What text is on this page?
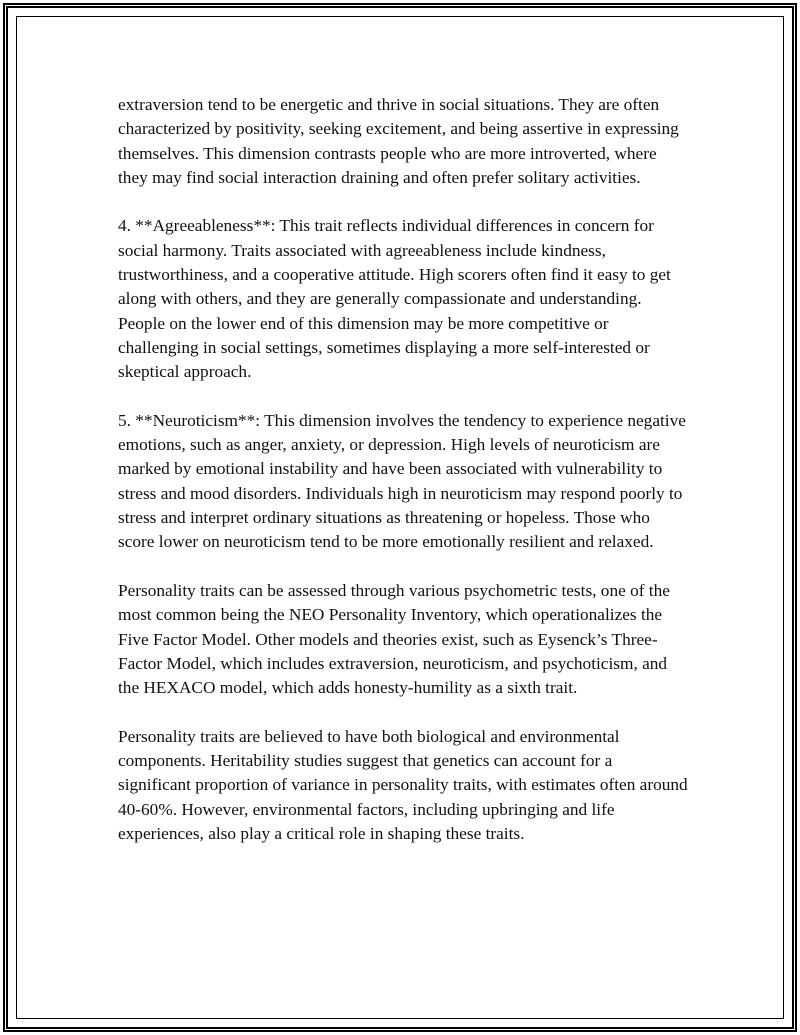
extraversion tend to be energetic and thrive in social situations. They are often characterized by positivity, seeking excitement, and being assertive in expressing themselves. This dimension contrasts people who are more introverted, where they may find social interaction draining and often prefer solitary activities.

4. **Agreeableness**: This trait reflects individual differences in concern for social harmony. Traits associated with agreeableness include kindness, trustworthiness, and a cooperative attitude. High scorers often find it easy to get along with others, and they are generally compassionate and understanding. People on the lower end of this dimension may be more competitive or challenging in social settings, sometimes displaying a more self-interested or skeptical approach.

5. **Neuroticism**: This dimension involves the tendency to experience negative emotions, such as anger, anxiety, or depression. High levels of neuroticism are marked by emotional instability and have been associated with vulnerability to stress and mood disorders. Individuals high in neuroticism may respond poorly to stress and interpret ordinary situations as threatening or hopeless. Those who score lower on neuroticism tend to be more emotionally resilient and relaxed.

Personality traits can be assessed through various psychometric tests, one of the most common being the NEO Personality Inventory, which operationalizes the Five Factor Model. Other models and theories exist, such as Eysenck’s Three-Factor Model, which includes extraversion, neuroticism, and psychoticism, and the HEXACO model, which adds honesty-humility as a sixth trait.

Personality traits are believed to have both biological and environmental components. Heritability studies suggest that genetics can account for a significant proportion of variance in personality traits, with estimates often around 40-60%. However, environmental factors, including upbringing and life experiences, also play a critical role in shaping these traits.
